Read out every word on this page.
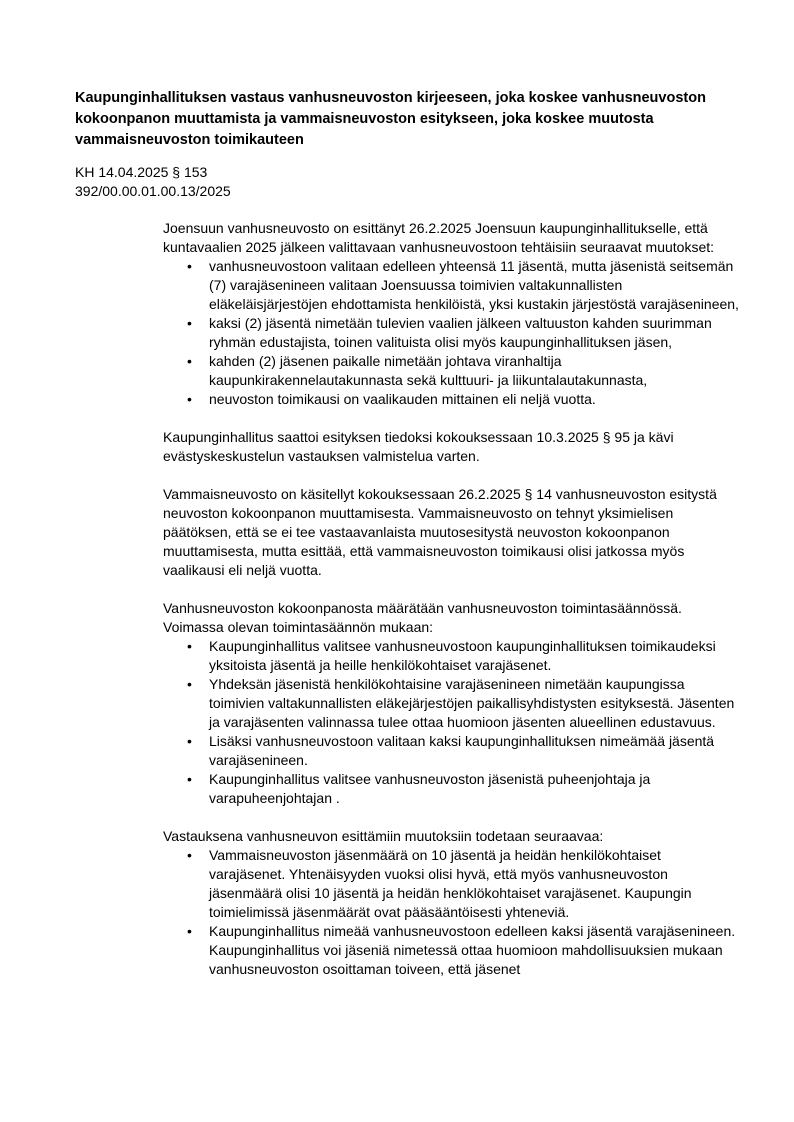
Kaupunginhallituksen vastaus vanhusneuvoston kirjeeseen, joka koskee vanhusneuvoston kokoonpanon muuttamista ja vammaisneuvoston esitykseen, joka koskee muutosta vammaisneuvoston toimikauteen
KH 14.04.2025 § 153
392/00.00.01.00.13/2025

Joensuun vanhusneuvosto on esittänyt 26.2.2025 Joensuun kaupunginhallitukselle, että kuntavaalien 2025 jälkeen valittavaan vanhusneuvostoon tehtäisiin seuraavat muutokset:

• vanhusneuvostoon valitaan edelleen yhteensä 11 jäsentä, mutta jäsenistä seitsemän (7) varajäsenineen valitaan Joensuussa toimivien valtakunnallisten eläkeläisjärjestöjen ehdottamista henkilöistä, yksi kustakin järjestöstä varajäsenineen,
• kaksi (2) jäsentä nimetään tulevien vaalien jälkeen valtuuston kahden suurimman ryhmän edustajista, toinen valituista olisi myös kaupunginhallituksen jäsen,
• kahden (2) jäsenen paikalle nimetään johtava viranhaltija kaupunkirakennelautakunnasta sekä kulttuuri- ja liikuntalautakunnasta,
• neuvoston toimikausi on vaalikauden mittainen eli neljä vuotta.

Kaupunginhallitus saattoi esityksen tiedoksi kokouksessaan 10.3.2025 § 95 ja kävi evästyskeskustelun vastauksen valmistelua varten.

Vammaisneuvosto on käsitellyt kokouksessaan 26.2.2025 § 14 vanhusneuvoston esitystä neuvoston kokoonpanon muuttamisesta. Vammaisneuvosto on tehnyt yksimielisen päätöksen, että se ei tee vastaavanlaista muutosesitystä neuvoston kokoonpanon muuttamisesta, mutta esittää, että vammaisneuvoston toimikausi olisi jatkossa myös vaalikausi eli neljä vuotta.

Vanhusneuvoston kokoonpanosta määrätään vanhusneuvoston toimintasäännössä. Voimassa olevan toimintasäännön mukaan:

• Kaupunginhallitus valitsee vanhusneuvostoon kaupunginhallituksen toimikaudeksi yksitoista jäsentä ja heille henkilökohtaiset varajäsenet.
• Yhdeksän jäsenistä henkilökohtaisine varajäsenineen nimetään kaupungissa toimivien valtakunnallisten eläkejärjestöjen paikallisyhdistysten esityksestä. Jäsenten ja varajäsenten valinnassa tulee ottaa huomioon jäsenten alueellinen edustavuus.
• Lisäksi vanhusneuvostoon valitaan kaksi kaupunginhallituksen nimeämää jäsentä varajäsenineen.
• Kaupunginhallitus valitsee vanhusneuvoston jäsenistä puheenjohtaja ja varapuheenjohtajan .

Vastauksena vanhusneuvon esittämiin muutoksiin todetaan seuraavaa:

• Vammaisneuvoston jäsenmäärä on 10 jäsentä ja heidän henkilökohtaiset varajäsenet. Yhtenäisyyden vuoksi olisi hyvä, että myös vanhusneuvoston jäsenmäärä olisi 10 jäsentä ja heidän henklökohtaiset varajäsenet. Kaupungin toimielimissä jäsenmäärät ovat pääsääntöisesti yhteneviä.
• Kaupunginhallitus nimeää vanhusneuvostoon edelleen kaksi jäsentä varajäsenineen. Kaupunginhallitus voi jäseniä nimetessä ottaa huomioon mahdollisuuksien mukaan vanhusneuvoston osoittaman toiveen, että jäsenet
